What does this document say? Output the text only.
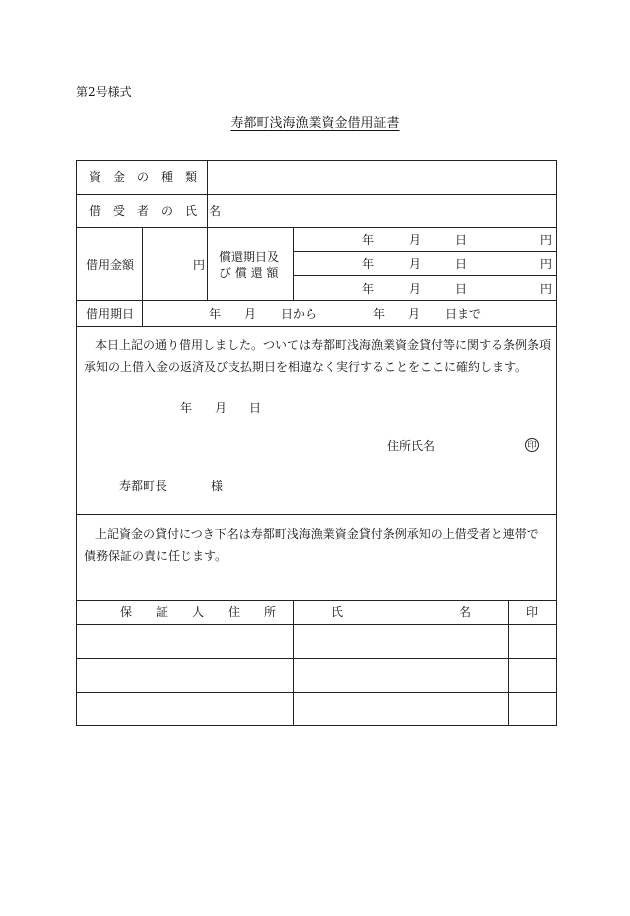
第2号様式
寿都町浅海漁業資金借用証書
資　金　の　種　類
借　受　者　の　氏　名
借用金額	円
償還期日及
び 償 還 額
年	月	日	円
年	月	日	円
年	月	日	円
借用期日	年 月 日から	年 月 日まで
本日上記の通り借用しました。ついては寿都町浅海漁業資金貸付等に関する条例条項
承知の上借入金の返済及び支払期日を相違なく実行することをここに確約します。
年 月 日
住所氏名	印
寿都町長	様
上記資金の貸付につき下名は寿都町浅海漁業資金貸付条例承知の上借受者と連帯で
債務保証の責に任じます。
保　　証　　人　　住　　所	氏	名	印
